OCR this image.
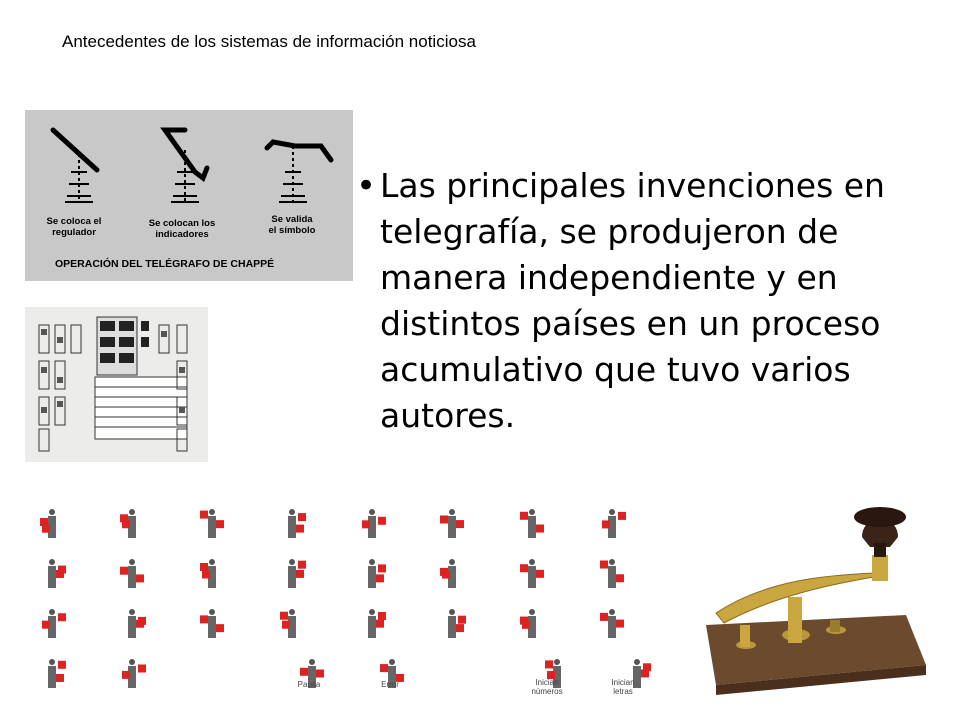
Antecedentes de los sistemas de información noticiosa
Se coloca el
regulador
Se colocan los
indicadores
Se valida
el símbolo
OPERACIÓN DEL TELÉGRAFO DE CHAPPÉ
• Las principales invenciones en telegrafía, se produjeron de manera independiente y en distintos países en un proceso acumulativo que tuvo varios autores.
Pausa	Error	Inician
números
Inician
letras
